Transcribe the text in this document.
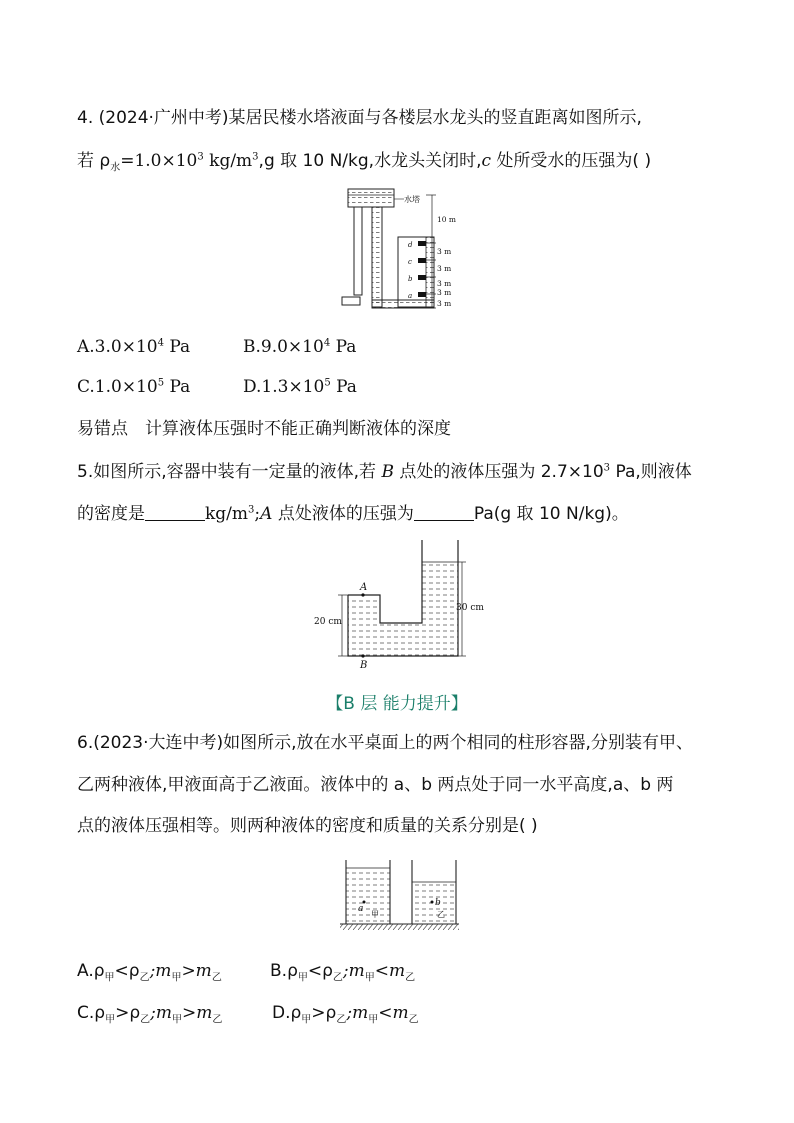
4. (2024·广州中考)某居民楼水塔液面与各楼层水龙头的竖直距离如图所示,
若 $\rho_水=1.0\times 10^3$ $kg/m^3,g$ 取 10 N/kg,水龙头关闭时,c 处所受水的压强为( )
d
c
b
a
水塔
10 m
3 m
3 m
3 m
3 m
3 m
$A.3.0\times 10^4$ Pa	$B.9.0\times 10^4$ Pa
$C.1.0\times 10^5$ Pa	$D.1.3\times 10^5$ Pa
易错点　计算液体压强时不能正确判断液体的深度
5.如图所示,容器中装有一定量的液体,若 B 点处的液体压强为 $2.7\times 10^3$ Pa,则液体
的密度是	$kg/m^3;A$ 点处液体的压强为	Pa(g 取 10 N/kg)。
A
B
20 cm
30 cm
【B 层 能力提升】
6.(2023·大连中考)如图所示,放在水平桌面上的两个相同的柱形容器,分别装有甲、
乙两种液体,甲液面高于乙液面。液体中的 a、b 两点处于同一水平高度,a、b 两
点的液体压强相等。则两种液体的密度和质量的关系分别是( )
a
甲
b
乙
$A.\rho_甲<\rho_乙;m_甲>m_乙$	$B.\rho_甲<\rho_乙;m_甲<m_乙$
$C.\rho_甲>\rho_乙;m_甲>m_乙$	$D.\rho_甲>\rho_乙;m_甲<m_乙$
